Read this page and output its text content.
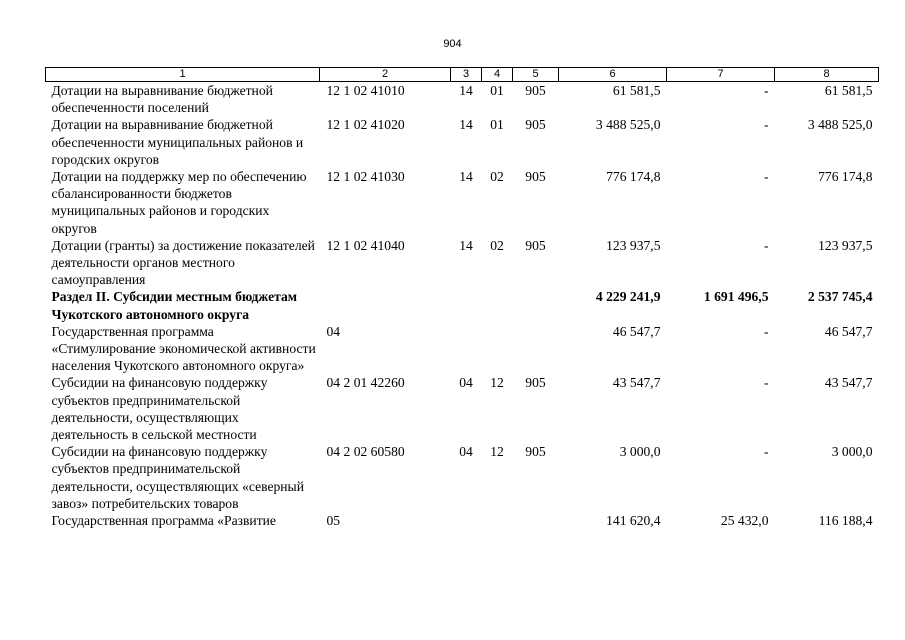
904
1	2	3	4	5	6	7	8
Дотации на выравнивание бюджетной обеспеченности поселений	12 1 02 41010	14	01	905	61 581,5	-	61 581,5
Дотации на выравнивание бюджетной обеспеченности муниципальных районов и городских округов	12 1 02 41020	14	01	905	3 488 525,0	-	3 488 525,0
Дотации на поддержку мер по обеспечению сбалансированности бюджетов муниципальных районов и городских округов	12 1 02 41030	14	02	905	776 174,8	-	776 174,8
Дотации (гранты) за достижение показателей деятельности органов местного самоуправления	12 1 02 41040	14	02	905	123 937,5	-	123 937,5
Раздел II. Субсидии местным бюджетам Чукотского автономного округа					4 229 241,9	1 691 496,5	2 537 745,4
Государственная программа «Стимулирование экономической активности населения Чукотского автономного округа»	04				46 547,7	-	46 547,7
Субсидии на финансовую поддержку субъектов предпринимательской деятельности, осуществляющих деятельность в сельской местности	04 2 01 42260	04	12	905	43 547,7	-	43 547,7
Субсидии на финансовую поддержку субъектов предпринимательской деятельности, осуществляющих «северный завоз» потребительских товаров	04 2 02 60580	04	12	905	3 000,0	-	3 000,0
Государственная программа «Развитие	05				141 620,4	25 432,0	116 188,4
